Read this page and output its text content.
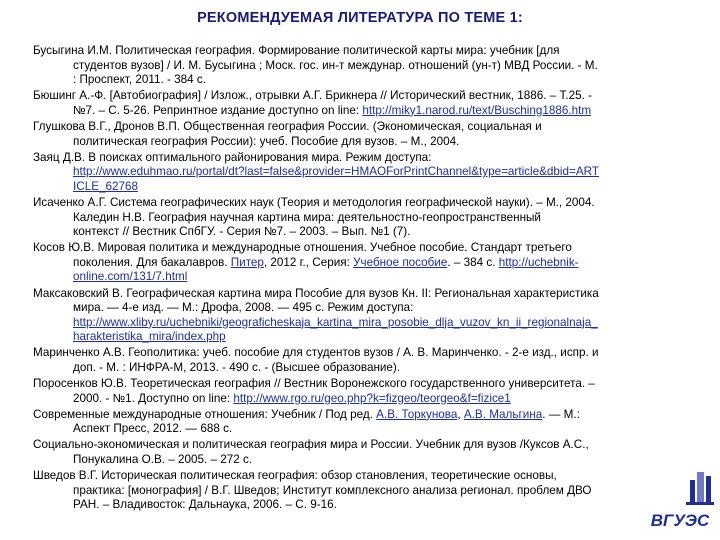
РЕКОМЕНДУЕМАЯ ЛИТЕРАТУРА ПО ТЕМЕ 1:
Бусыгина И.М. Политическая география. Формирование политической карты мира: учебник [для
студентов вузов] / И. М. Бусыгина ; Моск. гос. ин-т междунар. отношений (ун-т) МВД России. - М.
: Проспект, 2011. - 384 с.
Бюшинг А.-Ф. [Автобиография] / Излож., отрывки А.Г. Брикнера // Исторический вестник, 1886. – Т.25. -
№7. – С. 5-26. Репринтное издание доступно on line: http://miky1.narod.ru/text/Busching1886.htm
Глушкова В.Г., Дронов В.П. Общественная география России. (Экономическая, социальная и
политическая география России): учеб. Пособие для вузов. – М., 2004.
Заяц Д.В. В поисках оптимального районирования мира. Режим доступа:
http://www.eduhmao.ru/portal/dt?last=false&provider=HMAOForPrintChannel&type=article&dbid=ART
ICLE_62768
Исаченко А.Г. Система географических наук (Теория и методология географической науки). – М., 2004.
Каледин Н.В. География научная картина мира: деятельностно-геопространственный
контекст // Вестник СпбГУ. - Серия №7. – 2003. – Вып. №1 (7).
Косов Ю.В. Мировая политика и международные отношения. Учебное пособие. Стандарт третьего
поколения. Для бакалавров. Питер, 2012 г., Серия: Учебное пособие. – 384 с. http://uchebnik-
online.com/131/7.html
Максаковский В. Географическая картина мира Пособие для вузов Кн. II: Региональная характеристика
мира. — 4-е изд. — М.: Дрофа, 2008. — 495 с. Режим доступа:
http://www.xliby.ru/uchebniki/geograficheskaja_kartina_mira_posobie_dlja_vuzov_kn_ii_regionalnaja_
harakteristika_mira/index.php
Маринченко А.В. Геополитика: учеб. пособие для студентов вузов / А. В. Маринченко. - 2-е изд., испр. и
доп. - М. : ИНФРА-М, 2013. - 490 с. - (Высшее образование).
Поросенков Ю.В. Теоретическая география // Вестник Воронежского государственного университета. –
2000. - №1. Доступно on line: http://www.rgo.ru/geo.php?k=fizgeo/teorgeo&f=fizice1
Современные международные отношения: Учебник / Под ред. А.В. Торкунова, А.В. Мальгина. — М.:
Аспект Пресс, 2012. — 688 с.
Социально-экономическая и политическая география мира и России. Учебник для вузов /Куксов А.С.,
Понукалина О.В. – 2005. – 272 с.
Шведов В.Г. Историческая политическая география: обзор становления, теоретические основы,
практика: [монография] / В.Г. Шведов; Институт комплексного анализа регионал. проблем ДВО
РАН. – Владивосток: Дальнаука, 2006. – С. 9-16.
ВГУЭС
